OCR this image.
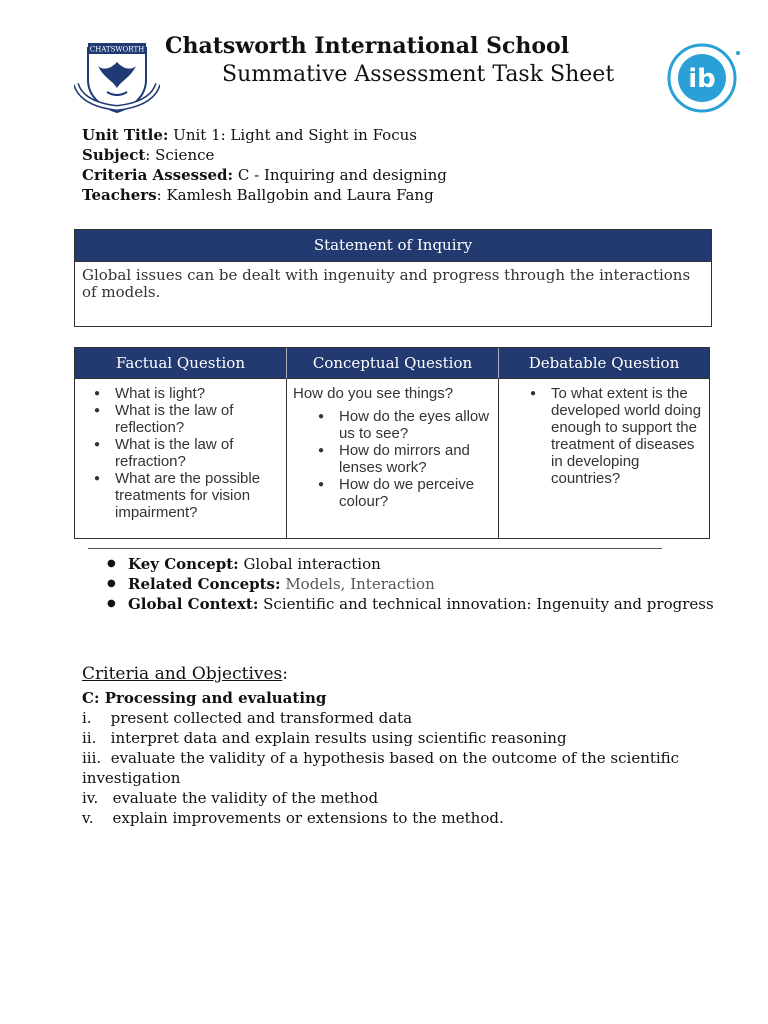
CHATSWORTH
ib
Chatsworth International School
Summative Assessment Task Sheet
Unit Title: Unit 1: Light and Sight in Focus
Subject: Science
Criteria Assessed: C - Inquiring and designing
Teachers: Kamlesh Ballgobin and Laura Fang
Statement of Inquiry
Global issues can be dealt with ingenuity and progress through the interactions of models.
Factual Question	Conceptual Question	Debatable Question
● What is light?
● What is the law of reflection?
● What is the law of refraction?
● What are the possible treatments for vision impairment?
How do you see things?
● How do the eyes allow us to see?
● How do mirrors and lenses work?
● How do we perceive colour?
● To what extent is the developed world doing enough to support the treatment of diseases in developing countries?
● Key Concept: Global interaction
● Related Concepts: Models, Interaction
● Global Context: Scientific and technical innovation: Ingenuity and progress
Criteria and Objectives:
C: Processing and evaluating
i.    present collected and transformed data
ii.   interpret data and explain results using scientific reasoning
iii.  evaluate the validity of a hypothesis based on the outcome of the scientific investigation
iv.   evaluate the validity of the method
v.    explain improvements or extensions to the method.
